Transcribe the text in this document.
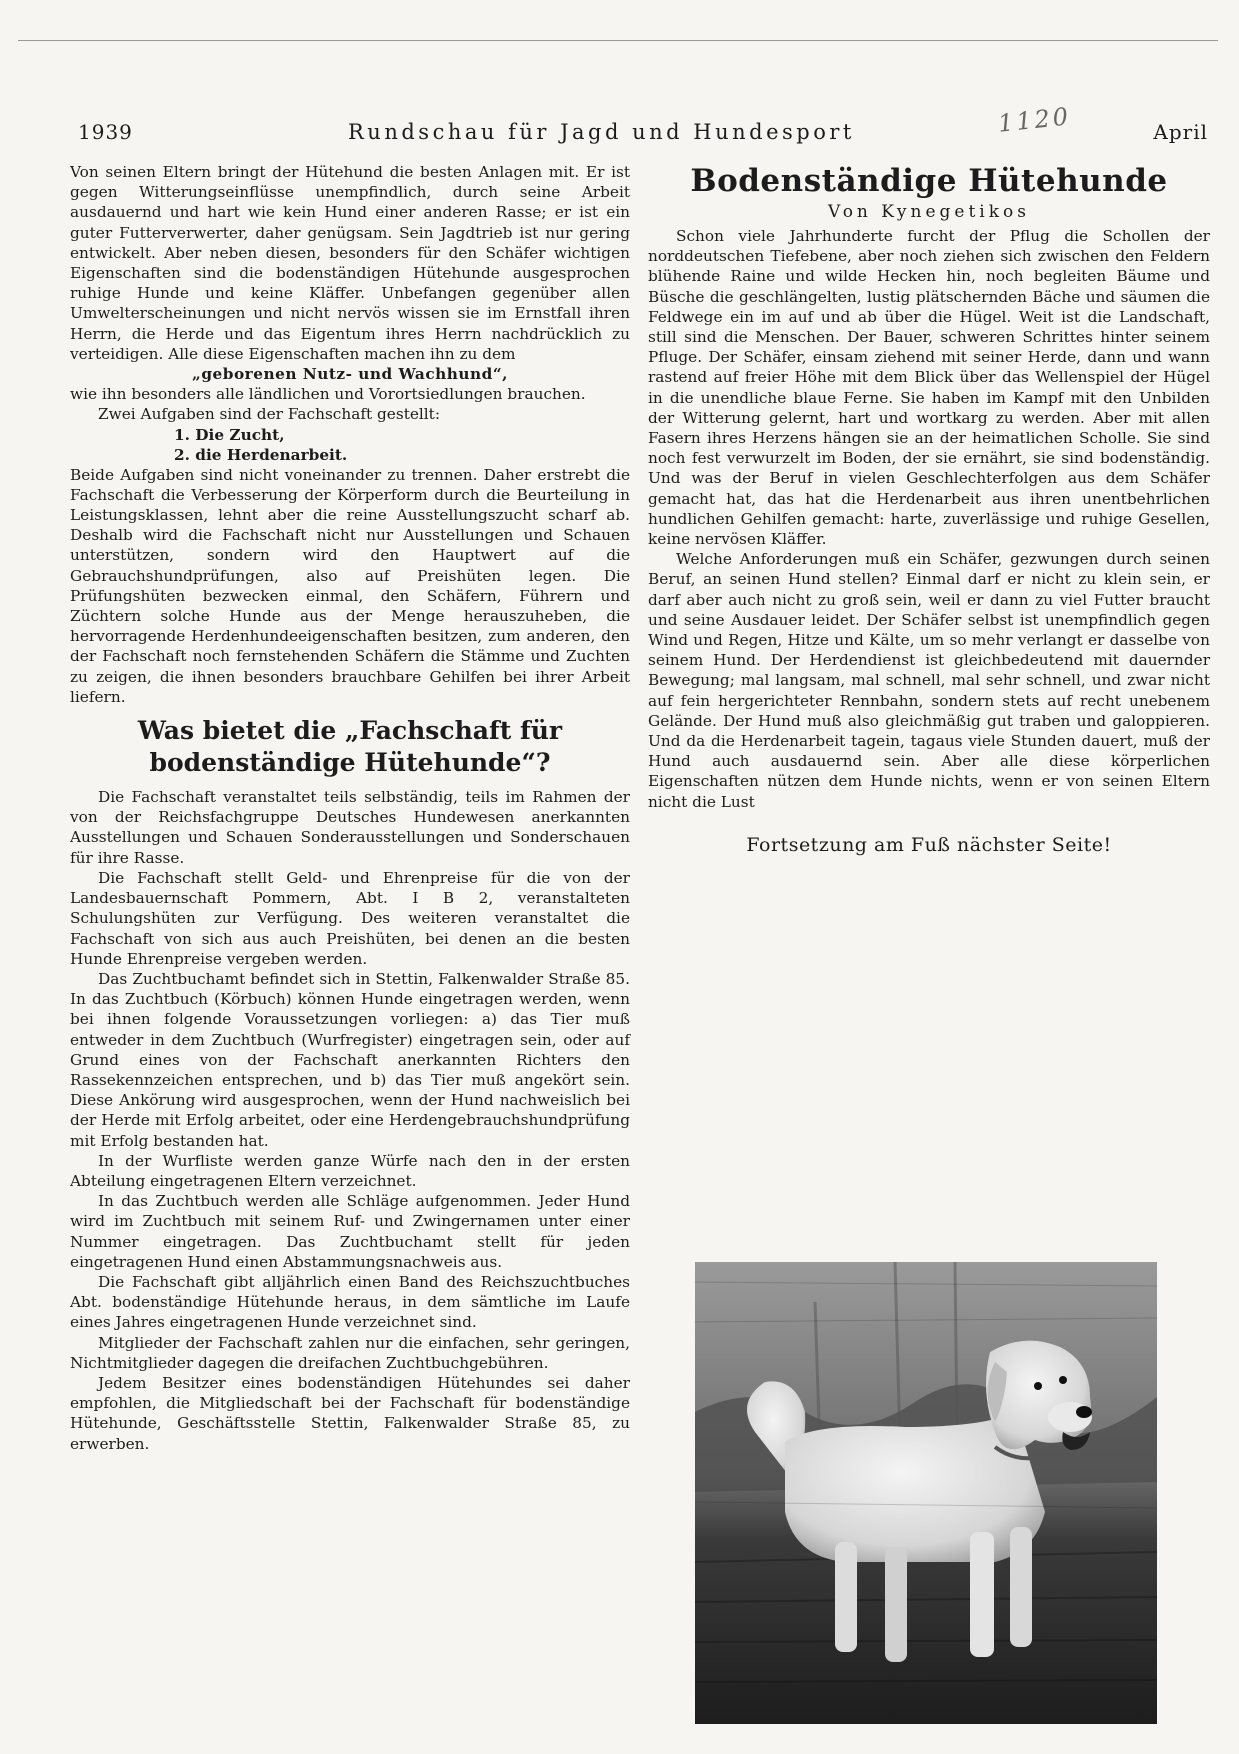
1939	Rundschau für Jagd und Hundesport	1120	April

Von seinen Eltern bringt der Hütehund die besten Anlagen mit. Er ist gegen Witterungseinflüsse unempfindlich, durch seine Arbeit ausdauernd und hart wie kein Hund einer anderen Rasse; er ist ein guter Futterverwerter, daher genügsam. Sein Jagdtrieb ist nur gering entwickelt. Aber neben diesen, besonders für den Schäfer wichtigen Eigenschaften sind die bodenständigen Hütehunde ausgesprochen ruhige Hunde und keine Kläffer. Unbefangen gegenüber allen Umwelterscheinungen und nicht nervös wissen sie im Ernstfall ihren Herrn, die Herde und das Eigentum ihres Herrn nachdrücklich zu verteidigen. Alle diese Eigenschaften machen ihn zu dem

„geborenen Nutz- und Wachhund“,

wie ihn besonders alle ländlichen und Vorortsiedlungen brauchen.

Zwei Aufgaben sind der Fachschaft gestellt:

1. Die Zucht,
2. die Herdenarbeit.

Beide Aufgaben sind nicht voneinander zu trennen. Daher erstrebt die Fachschaft die Verbesserung der Körperform durch die Beurteilung in Leistungsklassen, lehnt aber die reine Ausstellungszucht scharf ab. Deshalb wird die Fachschaft nicht nur Ausstellungen und Schauen unterstützen, sondern wird den Hauptwert auf die Gebrauchshundprüfungen, also auf Preishüten legen. Die Prüfungshüten bezwecken einmal, den Schäfern, Führern und Züchtern solche Hunde aus der Menge herauszuheben, die hervorragende Herdenhundeeigenschaften besitzen, zum anderen, den der Fachschaft noch fernstehenden Schäfern die Stämme und Zuchten zu zeigen, die ihnen besonders brauchbare Gehilfen bei ihrer Arbeit liefern.

Was bietet die „Fachschaft für bodenständige Hütehunde“?

Die Fachschaft veranstaltet teils selbständig, teils im Rahmen der von der Reichsfachgruppe Deutsches Hundewesen anerkannten Ausstellungen und Schauen Sonderausstellungen und Sonderschauen für ihre Rasse.

Die Fachschaft stellt Geld- und Ehrenpreise für die von der Landesbauernschaft Pommern, Abt. I B 2, veranstalteten Schulungshüten zur Verfügung. Des weiteren veranstaltet die Fachschaft von sich aus auch Preishüten, bei denen an die besten Hunde Ehrenpreise vergeben werden.

Das Zuchtbuchamt befindet sich in Stettin, Falkenwalder Straße 85. In das Zuchtbuch (Körbuch) können Hunde eingetragen werden, wenn bei ihnen folgende Voraussetzungen vorliegen: a) das Tier muß entweder in dem Zuchtbuch (Wurfregister) eingetragen sein, oder auf Grund eines von der Fachschaft anerkannten Richters den Rassekennzeichen entsprechen, und b) das Tier muß angekört sein. Diese Ankörung wird ausgesprochen, wenn der Hund nachweislich bei der Herde mit Erfolg arbeitet, oder eine Herdengebrauchshundprüfung mit Erfolg bestanden hat.

In der Wurfliste werden ganze Würfe nach den in der ersten Abteilung eingetragenen Eltern verzeichnet.

In das Zuchtbuch werden alle Schläge aufgenommen. Jeder Hund wird im Zuchtbuch mit seinem Ruf- und Zwingernamen unter einer Nummer eingetragen. Das Zuchtbuchamt stellt für jeden eingetragenen Hund einen Abstammungsnachweis aus.

Die Fachschaft gibt alljährlich einen Band des Reichszuchtbuches Abt. bodenständige Hütehunde heraus, in dem sämtliche im Laufe eines Jahres eingetragenen Hunde verzeichnet sind.

Mitglieder der Fachschaft zahlen nur die einfachen, sehr geringen, Nichtmitglieder dagegen die dreifachen Zuchtbuchgebühren.

Jedem Besitzer eines bodenständigen Hütehundes sei daher empfohlen, die Mitgliedschaft bei der Fachschaft für bodenständige Hütehunde, Geschäftsstelle Stettin, Falkenwalder Straße 85, zu erwerben.

Bodenständige Hütehunde
Von Kynegetikos

Schon viele Jahrhunderte furcht der Pflug die Schollen der norddeutschen Tiefebene, aber noch ziehen sich zwischen den Feldern blühende Raine und wilde Hecken hin, noch begleiten Bäume und Büsche die geschlängelten, lustig plätschernden Bäche und säumen die Feldwege ein im auf und ab über die Hügel. Weit ist die Landschaft, still sind die Menschen. Der Bauer, schweren Schrittes hinter seinem Pfluge. Der Schäfer, einsam ziehend mit seiner Herde, dann und wann rastend auf freier Höhe mit dem Blick über das Wellenspiel der Hügel in die unendliche blaue Ferne. Sie haben im Kampf mit den Unbilden der Witterung gelernt, hart und wortkarg zu werden. Aber mit allen Fasern ihres Herzens hängen sie an der heimatlichen Scholle. Sie sind noch fest verwurzelt im Boden, der sie ernährt, sie sind bodenständig. Und was der Beruf in vielen Geschlechterfolgen aus dem Schäfer gemacht hat, das hat die Herdenarbeit aus ihren unentbehrlichen hundlichen Gehilfen gemacht: harte, zuverlässige und ruhige Gesellen, keine nervösen Kläffer.

Welche Anforderungen muß ein Schäfer, gezwungen durch seinen Beruf, an seinen Hund stellen? Einmal darf er nicht zu klein sein, er darf aber auch nicht zu groß sein, weil er dann zu viel Futter braucht und seine Ausdauer leidet. Der Schäfer selbst ist unempfindlich gegen Wind und Regen, Hitze und Kälte, um so mehr verlangt er dasselbe von seinem Hund. Der Herdendienst ist gleichbedeutend mit dauernder Bewegung; mal langsam, mal schnell, mal sehr schnell, und zwar nicht auf fein hergerichteter Rennbahn, sondern stets auf recht unebenem Gelände. Der Hund muß also gleichmäßig gut traben und galoppieren. Und da die Herdenarbeit tagein, tagaus viele Stunden dauert, muß der Hund auch ausdauernd sein. Aber alle diese körperlichen Eigenschaften nützen dem Hunde nichts, wenn er von seinen Eltern nicht die Lust

Fortsetzung am Fuß nächster Seite!
